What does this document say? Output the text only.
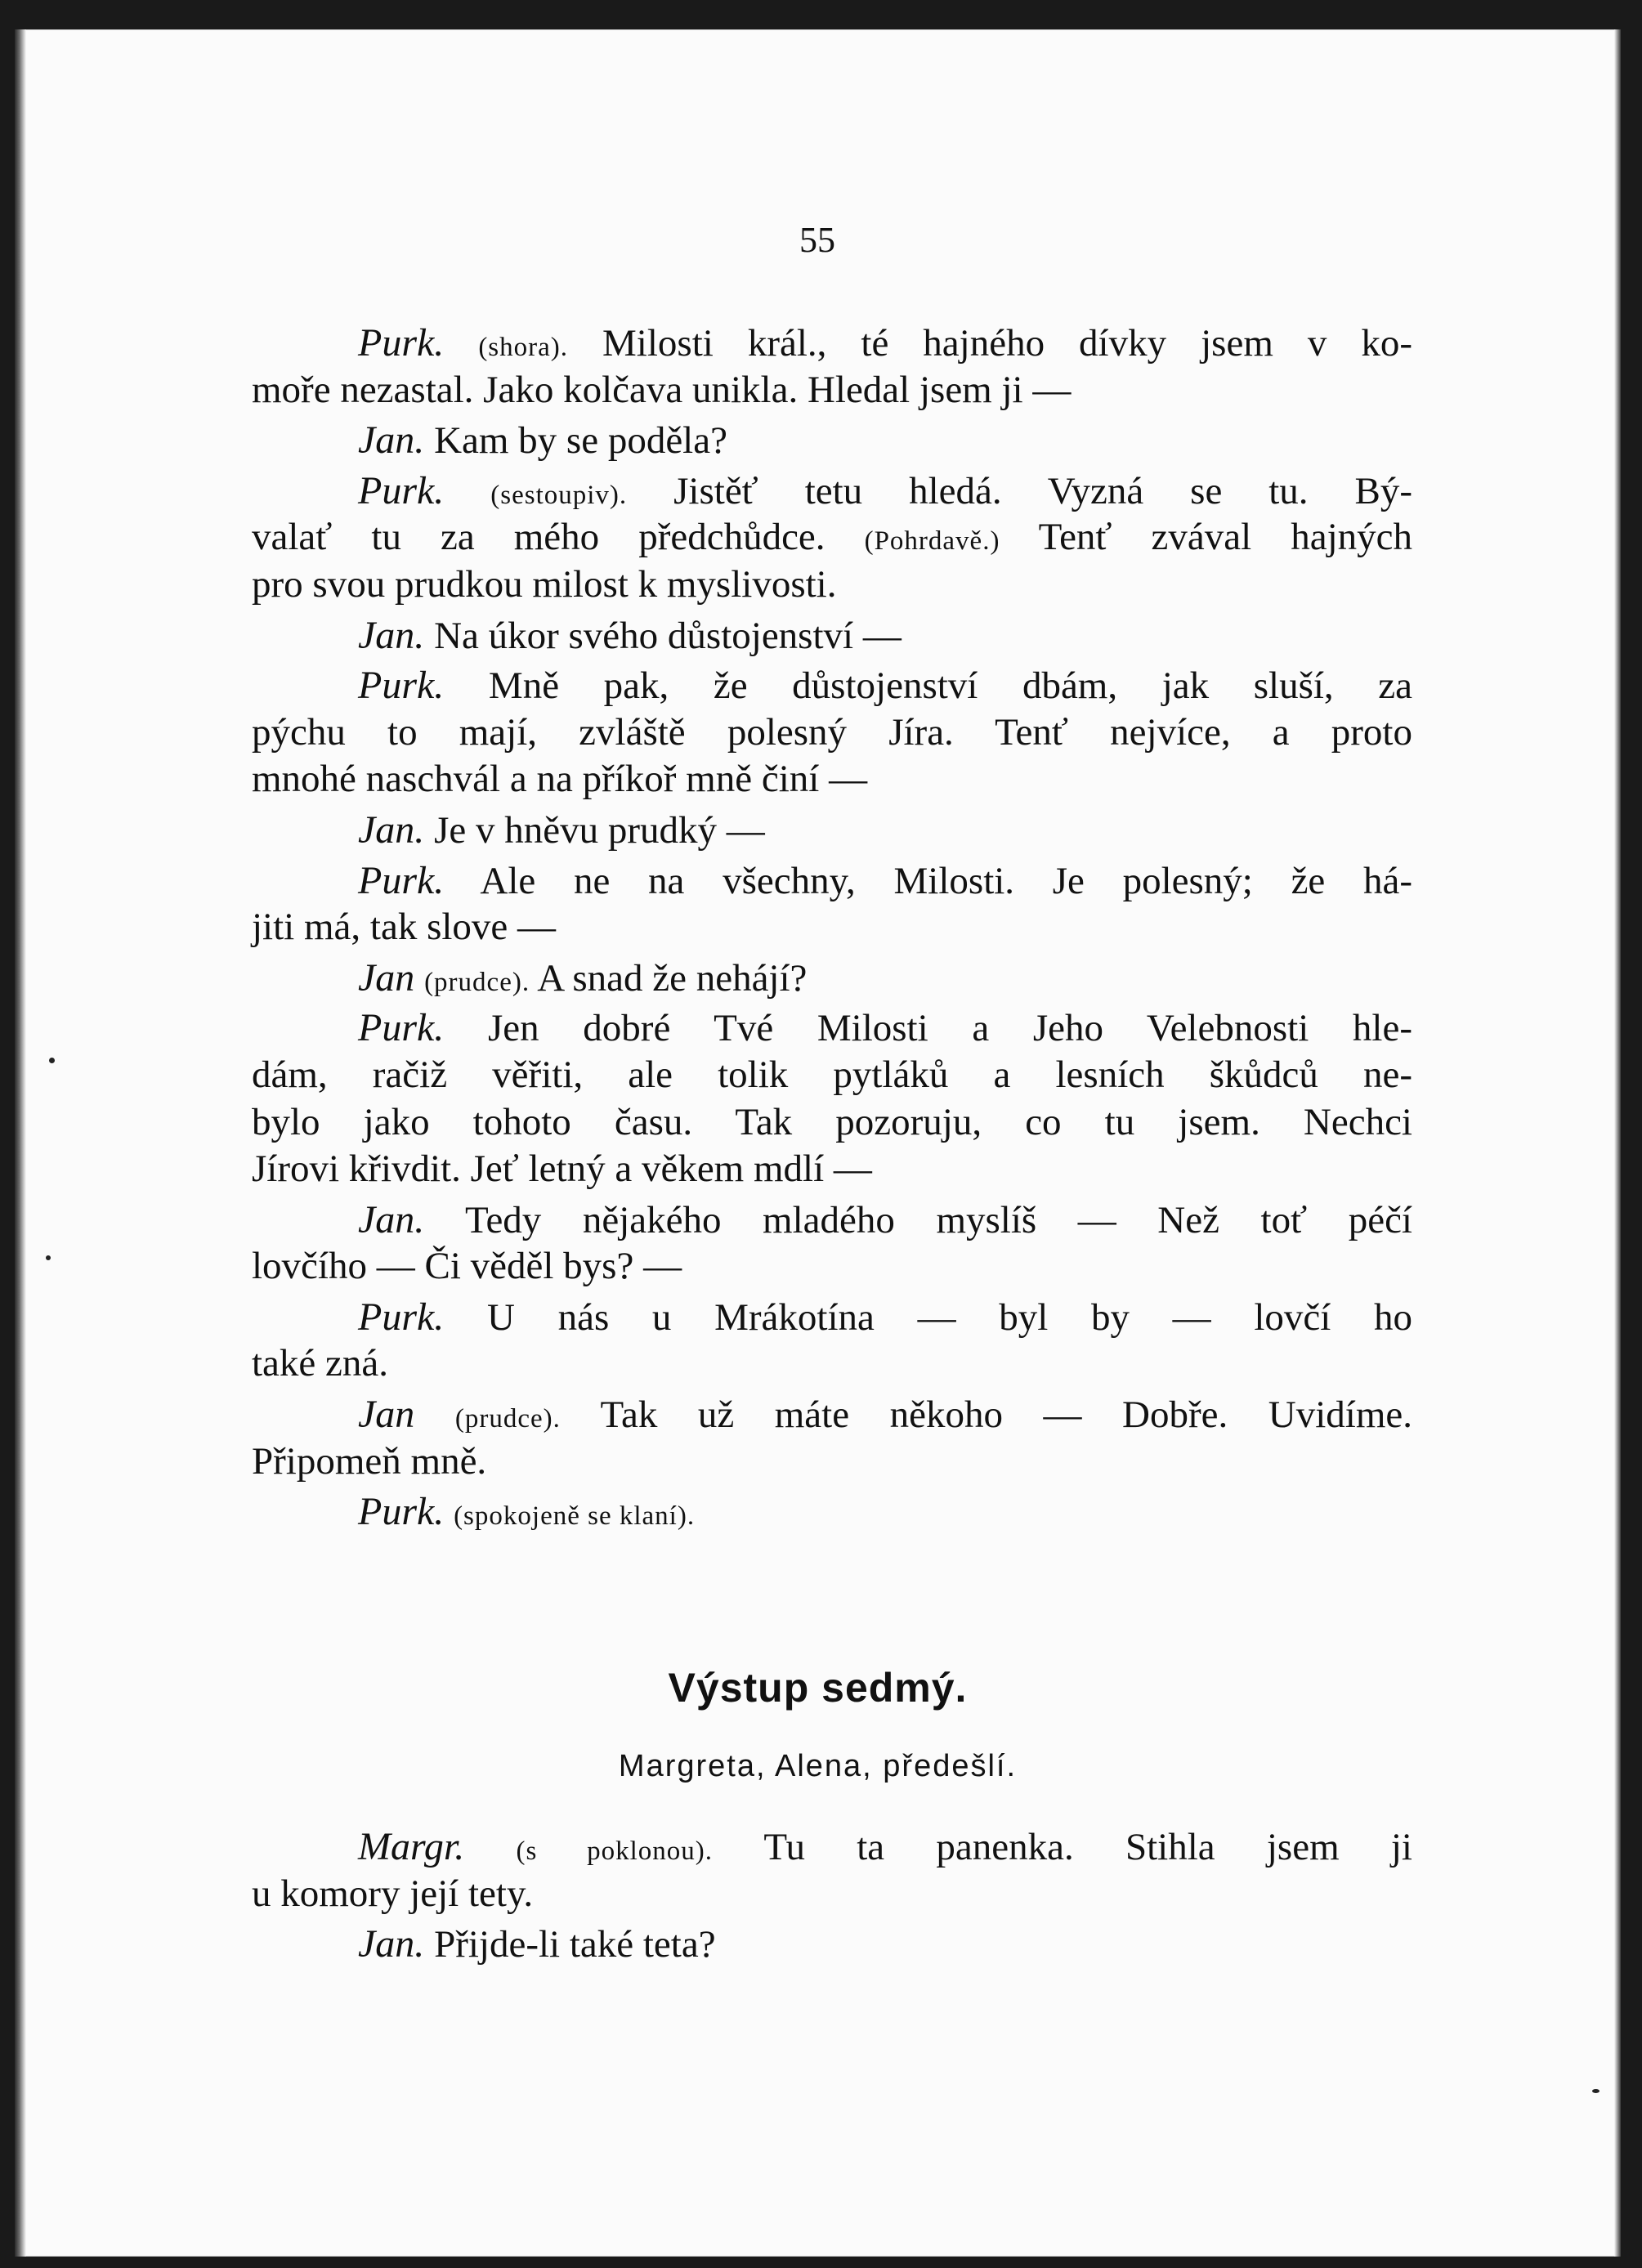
55
Purk. (shora). Milosti král., té hajného dívky jsem v ko-
moře nezastal. Jako kolčava unikla. Hledal jsem ji —
Jan. Kam by se poděla?
Purk. (sestoupiv). Jistěť tetu hledá. Vyzná se tu. Bý-
valať tu za mého předchůdce. (Pohrdavě.) Tenť zvával hajných
pro svou prudkou milost k myslivosti.
Jan. Na úkor svého důstojenství —
Purk. Mně pak, že důstojenství dbám, jak sluší, za
pýchu to mají, zvláště polesný Jíra. Tenť nejvíce, a proto
mnohé naschvál a na příkoř mně činí —
Jan. Je v hněvu prudký —
Purk. Ale ne na všechny, Milosti. Je polesný; že há-
jiti má, tak slove —
Jan (prudce). A snad že nehájí?
Purk. Jen dobré Tvé Milosti a Jeho Velebnosti hle-
dám, račiž věřiti, ale tolik pytláků a lesních škůdců ne-
bylo jako tohoto času. Tak pozoruju, co tu jsem. Nechci
Jírovi křivdit. Jeť letný a věkem mdlí —
Jan. Tedy nějakého mladého myslíš — Než toť péčí
lovčího — Či věděl bys? —
Purk. U nás u Mrákotína — byl by — lovčí ho
také zná.
Jan (prudce). Tak už máte někoho — Dobře. Uvidíme.
Připomeň mně.
Purk. (spokojeně se klaní).
Výstup sedmý.
Margreta, Alena, předešlí.
Margr. (s poklonou). Tu ta panenka. Stihla jsem ji
u komory její tety.
Jan. Přijde-li také teta?
